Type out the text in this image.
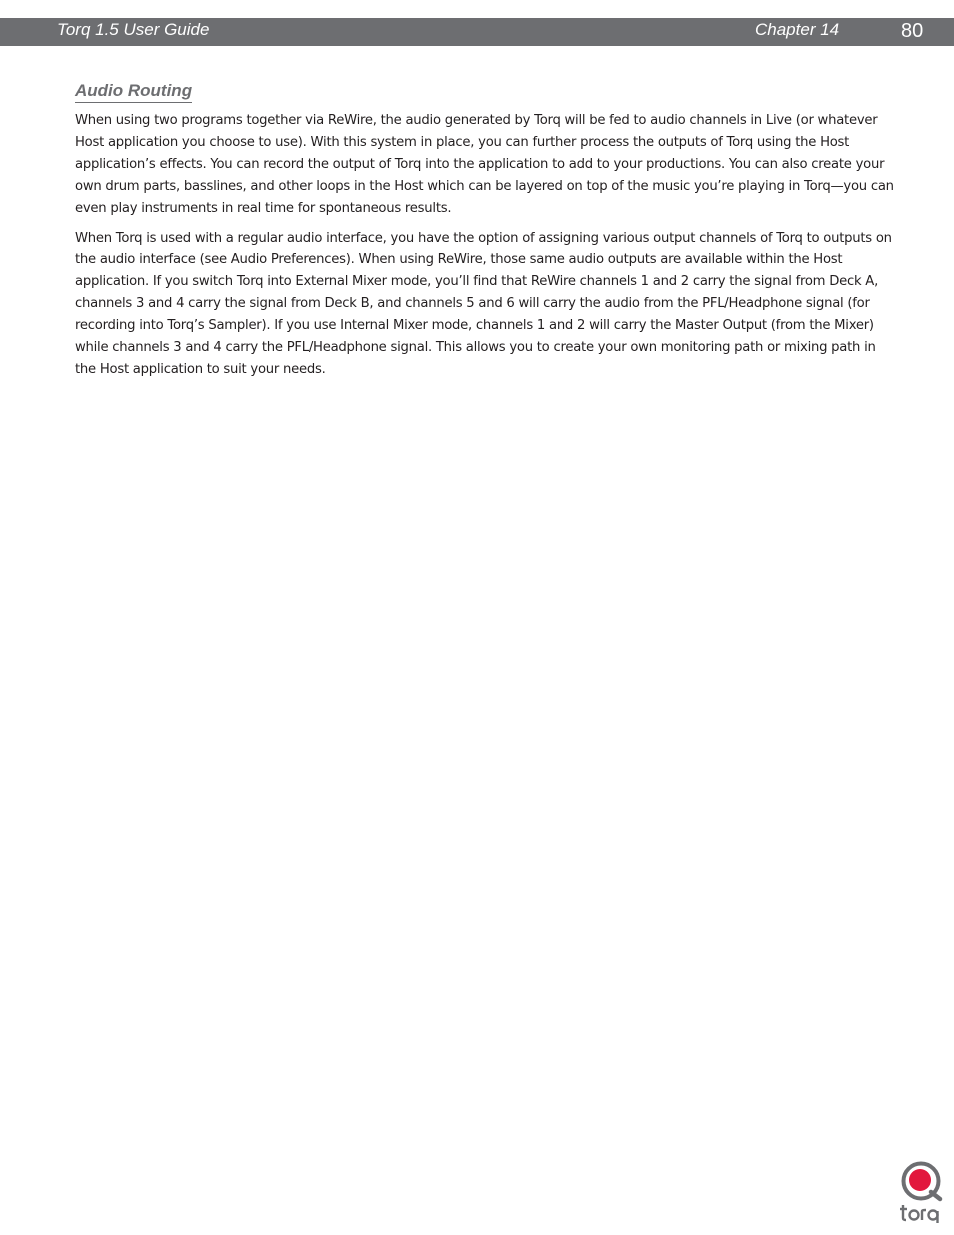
Torq 1.5 User Guide	Chapter 14	80
Audio Routing

When using two programs together via ReWire, the audio generated by Torq will be fed to audio channels in Live (or whatever Host application you choose to use). With this system in place, you can further process the outputs of Torq using the Host application’s effects. You can record the output of Torq into the application to add to your productions. You can also create your own drum parts, basslines, and other loops in the Host which can be layered on top of the music you’re playing in Torq—you can even play instruments in real time for spontaneous results.

When Torq is used with a regular audio interface, you have the option of assigning various output channels of Torq to outputs on the audio interface (see Audio Preferences). When using ReWire, those same audio outputs are available within the Host application. If you switch Torq into External Mixer mode, you’ll find that ReWire channels 1 and 2 carry the signal from Deck A, channels 3 and 4 carry the signal from Deck B, and channels 5 and 6 will carry the audio from the PFL/Headphone signal (for recording into Torq’s Sampler). If you use Internal Mixer mode, channels 1 and 2 will carry the Master Output (from the Mixer) while channels 3 and 4 carry the PFL/Headphone signal. This allows you to create your own monitoring path or mixing path in the Host application to suit your needs.
